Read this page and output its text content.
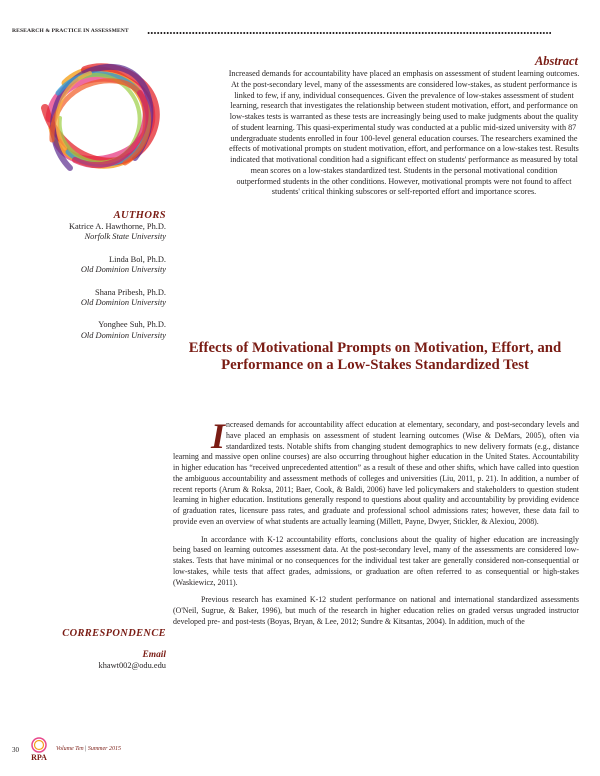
RESEARCH & PRACTICE IN ASSESSMENT
Abstract

Increased demands for accountability have placed an emphasis on assessment of student learning outcomes. At the post-secondary level, many of the assessments are considered low-stakes, as student performance is linked to few, if any, individual consequences. Given the prevalence of low-stakes assessment of student learning, research that investigates the relationship between student motivation, effort, and performance on low-stakes tests is warranted as these tests are increasingly being used to make judgments about the quality of student learning. This quasi-experimental study was conducted at a public mid-sized university with 87 undergraduate students enrolled in four 100-level general education courses. The researchers examined the effects of motivational prompts on student motivation, effort, and performance on a low-stakes test. Results indicated that motivational condition had a significant effect on students' performance as measured by total mean scores on a low-stakes standardized test. Students in the personal motivational condition outperformed students in the other conditions. However, motivational prompts were not found to affect students' critical thinking subscores or self-reported effort and importance scores.

AUTHORS
Katrice A. Hawthorne, Ph.D.
Norfolk State University
Linda Bol, Ph.D.
Old Dominion University
Shana Pribesh, Ph.D.
Old Dominion University
Yonghee Suh, Ph.D.
Old Dominion University
Effects of Motivational Prompts on Motivation, Effort, and Performance on a Low-Stakes Standardized Test

Increased demands for accountability affect education at elementary, secondary, and post-secondary levels and have placed an emphasis on assessment of student learning outcomes (Wise & DeMars, 2005), often via standardized tests. Notable shifts from changing student demographics to new delivery formats (e.g., distance learning and massive open online courses) are also occurring throughout higher education in the United States. Accountability in higher education has “received unprecedented attention” as a result of these and other shifts, which have called into question the ambiguous accountability and assessment methods of colleges and universities (Liu, 2011, p. 21). In addition, a number of recent reports (Arum & Roksa, 2011; Baer, Cook, & Baldi, 2006) have led policymakers and stakeholders to question student learning in higher education. Institutions generally respond to questions about quality and accountability by providing evidence of graduation rates, licensure pass rates, and graduate and professional school admissions rates; however, these data fail to provide even an overview of what students are actually learning (Millett, Payne, Dwyer, Stickler, & Alexiou, 2008).

In accordance with K-12 accountability efforts, conclusions about the quality of higher education are increasingly being based on learning outcomes assessment data. At the post-secondary level, many of the assessments are considered low-stakes. Tests that have minimal or no consequences for the individual test taker are generally considered non-consequential or low-stakes, while tests that affect grades, admissions, or graduation are often referred to as consequential or high-stakes (Waskiewicz, 2011).

Previous research has examined K-12 student performance on national and international standardized assessments (O'Neil, Sugrue, & Baker, 1996), but much of the research in higher education relies on graded versus ungraded instructor developed pre- and post-tests (Boyas, Bryan, & Lee, 2012; Sundre & Kitsantas, 2004). In addition, much of the

CORRESPONDENCE
Email
khawt002@odu.edu
30
RPA
Volume Ten | Summer 2015
